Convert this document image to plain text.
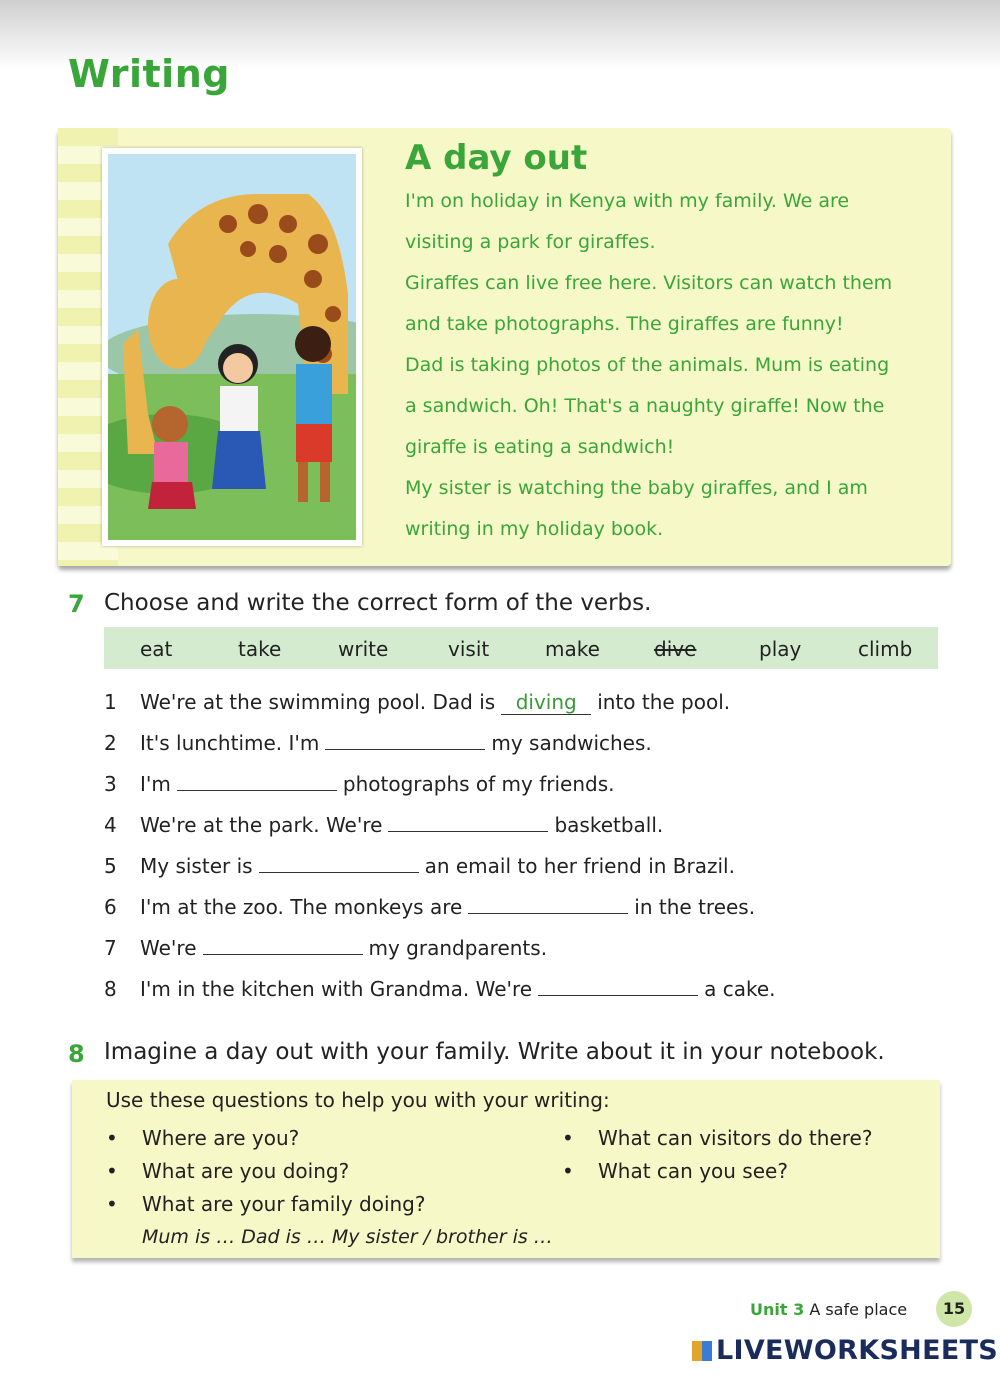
Writing
A day out
I'm on holiday in Kenya with my family. We are
visiting a park for giraffes.
Giraffes can live free here. Visitors can watch them
and take photographs. The giraffes are funny!
Dad is taking photos of the animals. Mum is eating
a sandwich. Oh! That's a naughty giraffe! Now the
giraffe is eating a sandwich!
My sister is watching the baby giraffes, and I am
writing in my holiday book.
7 Choose and write the correct form of the verbs.
eat	take	write	visit	make	dive	play	climb
1 We're at the swimming pool. Dad is diving into the pool.
2 It's lunchtime. I'm	my sandwiches.
3 I'm	photographs of my friends.
4 We're at the park. We're	basketball.
5 My sister is	an email to her friend in Brazil.
6 I'm at the zoo. The monkeys are	in the trees.
7 We're	my grandparents.
8 I'm in the kitchen with Grandma. We're	a cake.
8 Imagine a day out with your family. Write about it in your notebook.
Use these questions to help you with your writing:
• Where are you?
• What are you doing?
• What are your family doing?
• What can visitors do there?
• What can you see?
Mum is … Dad is … My sister / brother is …
Unit 3 A safe place	15
LIVEWORKSHEETS
